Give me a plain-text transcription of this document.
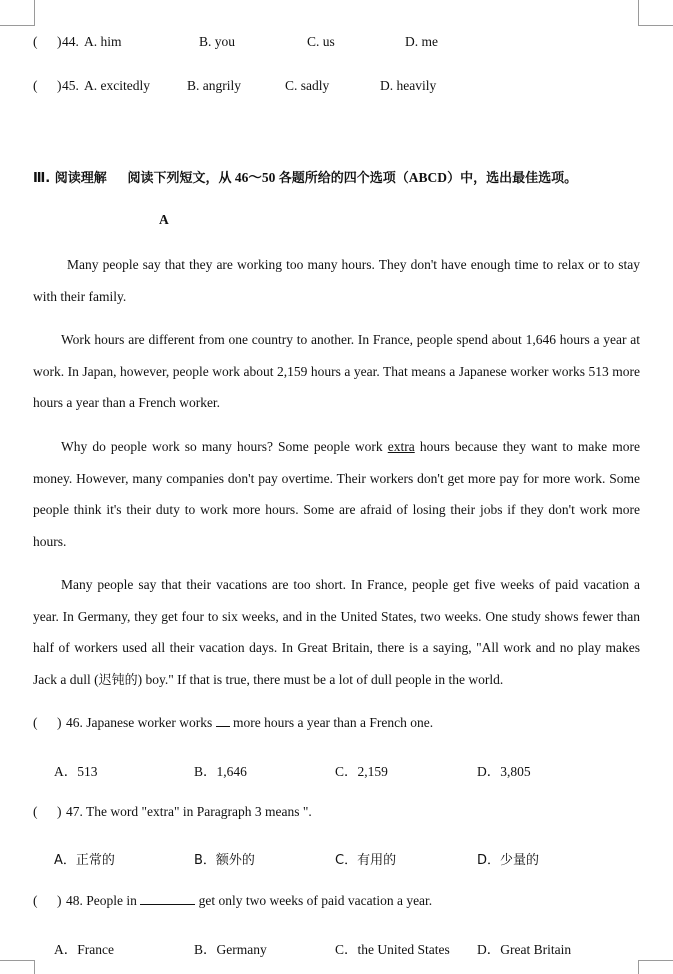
( ) 44. A. him	B. you	C. us	D. me
( ) 45. A. excitedly	B. angrily	C. sadly	D. heavily
Ⅲ. 阅读理解 阅读下列短文，从 46～50 各题所给的四个选项（ABCD）中，选出最佳选项。
A
Many people say that they are working too many hours. They don't have enough time to relax or to stay with their family.
Work hours are different from one country to another. In France, people spend about 1,646 hours a year at work. In Japan, however, people work about 2,159 hours a year. That means a Japanese worker works 513 more hours a year than a French worker.
Why do people work so many hours? Some people work extra hours because they want to make more money. However, many companies don't pay overtime. Their workers don't get more pay for more work. Some people think it's their duty to work more hours. Some are afraid of losing their jobs if they don't work more hours.
Many people say that their vacations are too short. In France, people get five weeks of paid vacation a year. In Germany, they get four to six weeks, and in the United States, two weeks. One study shows fewer than half of workers used all their vacation days. In Great Britain, there is a saying, "All work and no play makes Jack a dull (迟钝的) boy." If that is true, there must be a lot of dull people in the world.
( ) 46. Japanese worker works more hours a year than a French one.
A．513	B．1,646	C．2,159	D．3,805
( ) 47. The word "extra" in Paragraph 3 means ".
A．正常的	B．额外的	C．有用的	D．少量的
( ) 48. People in	get only two weeks of paid vacation a year.
A．France	B．Germany	C．the United States D．Great Britain
